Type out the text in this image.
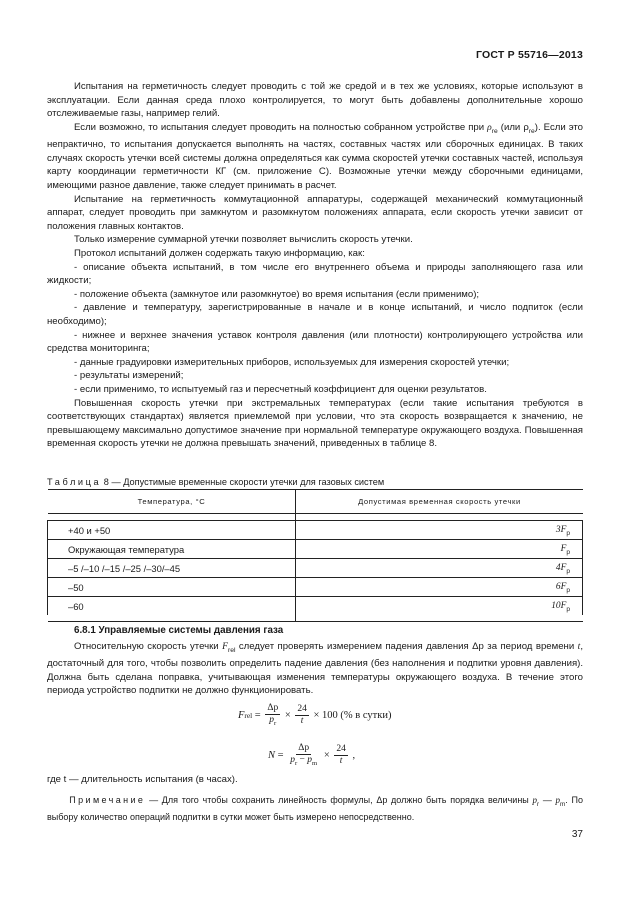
ГОСТ Р 55716—2013

Испытания на герметичность следует проводить с той же средой и в тех же условиях, которые используют в эксплуатации. Если данная среда плохо контролируется, то могут быть добавлены дополнительные хорошо отслеживаемые газы, например гелий.

Если возможно, то испытания следует проводить на полностью собранном устройстве при $\rho_{re}$ (или $\rho_{re}$). Если это непрактично, то испытания допускается выполнять на частях, составных частях или сборочных единицах. В таких случаях скорость утечки всей системы должна определяться как сумма скоростей утечки составных частей, используя карту координации герметичности КГ (см. приложение С). Возможные утечки между сборочными единицами, имеющими разное давление, также следует принимать в расчет.

Испытание на герметичность коммутационной аппаратуры, содержащей механический коммутационный аппарат, следует проводить при замкнутом и разомкнутом положениях аппарата, если скорость утечки зависит от положения главных контактов.

Только измерение суммарной утечки позволяет вычислить скорость утечки.

Протокол испытаний должен содержать такую информацию, как:

- описание объекта испытаний, в том числе его внутреннего объема и природы заполняющего газа или жидкости;

- положение объекта (замкнутое или разомкнутое) во время испытания (если применимо);

- давление и температуру, зарегистрированные в начале и в конце испытаний, и число подпиток (если необходимо);

- нижнее и верхнее значения уставок контроля давления (или плотности) контролирующего устройства или средства мониторинга;

- данные градуировки измерительных приборов, используемых для измерения скоростей утечки;

- результаты измерений;

- если применимо, то испытуемый газ и пересчетный коэффициент для оценки результатов.

Повышенная скорость утечки при экстремальных температурах (если такие испытания требуются в соответствующих стандартах) является приемлемой при условии, что эта скорость возвращается к значению, не превышающему максимально допустимое значение при нормальной температуре окружающего воздуха. Повышенная временная скорость утечки не должна превышать значений, приведенных в таблице 8.

Таблица 8 — Допустимые временные скорости утечки для газовых систем
Температура, °С	Допустимая временная скорость утечки

+40 и +50	$3F_p$
Окружающая температура	$F_p$
–5 /–10 /–15 /–25 /–30/–45	$4F_p$
–50	$6F_p$
–60	$10F_p$

6.8.1 Управляемые системы давления газа

Относительную скорость утечки $F_{rel}$ следует проверять измерением падения давления Δp за период времени t, достаточный для того, чтобы позволить определить падение давления (без наполнения и подпитки уровня давления). Должна быть сделана поправка, учитывающая изменения температуры окружающего воздуха. В течение этого периода устройство подпитки не должно функционировать.

F rel = $\frac{\Delta p}{p_r} \times \frac{24}{t}$
× 100 (% в сутки)
$N = \frac{\Delta p}{p_r - p_m} \times \frac{24}{t}$ ,
где t — длительность испытания (в часах).
Примечание — Для того чтобы сохранить линейность формулы, Δp должно быть порядка величины $p_r$ — $p_m$. По выбору количество операций подпитки в сутки может быть измерено непосредственно.
37
